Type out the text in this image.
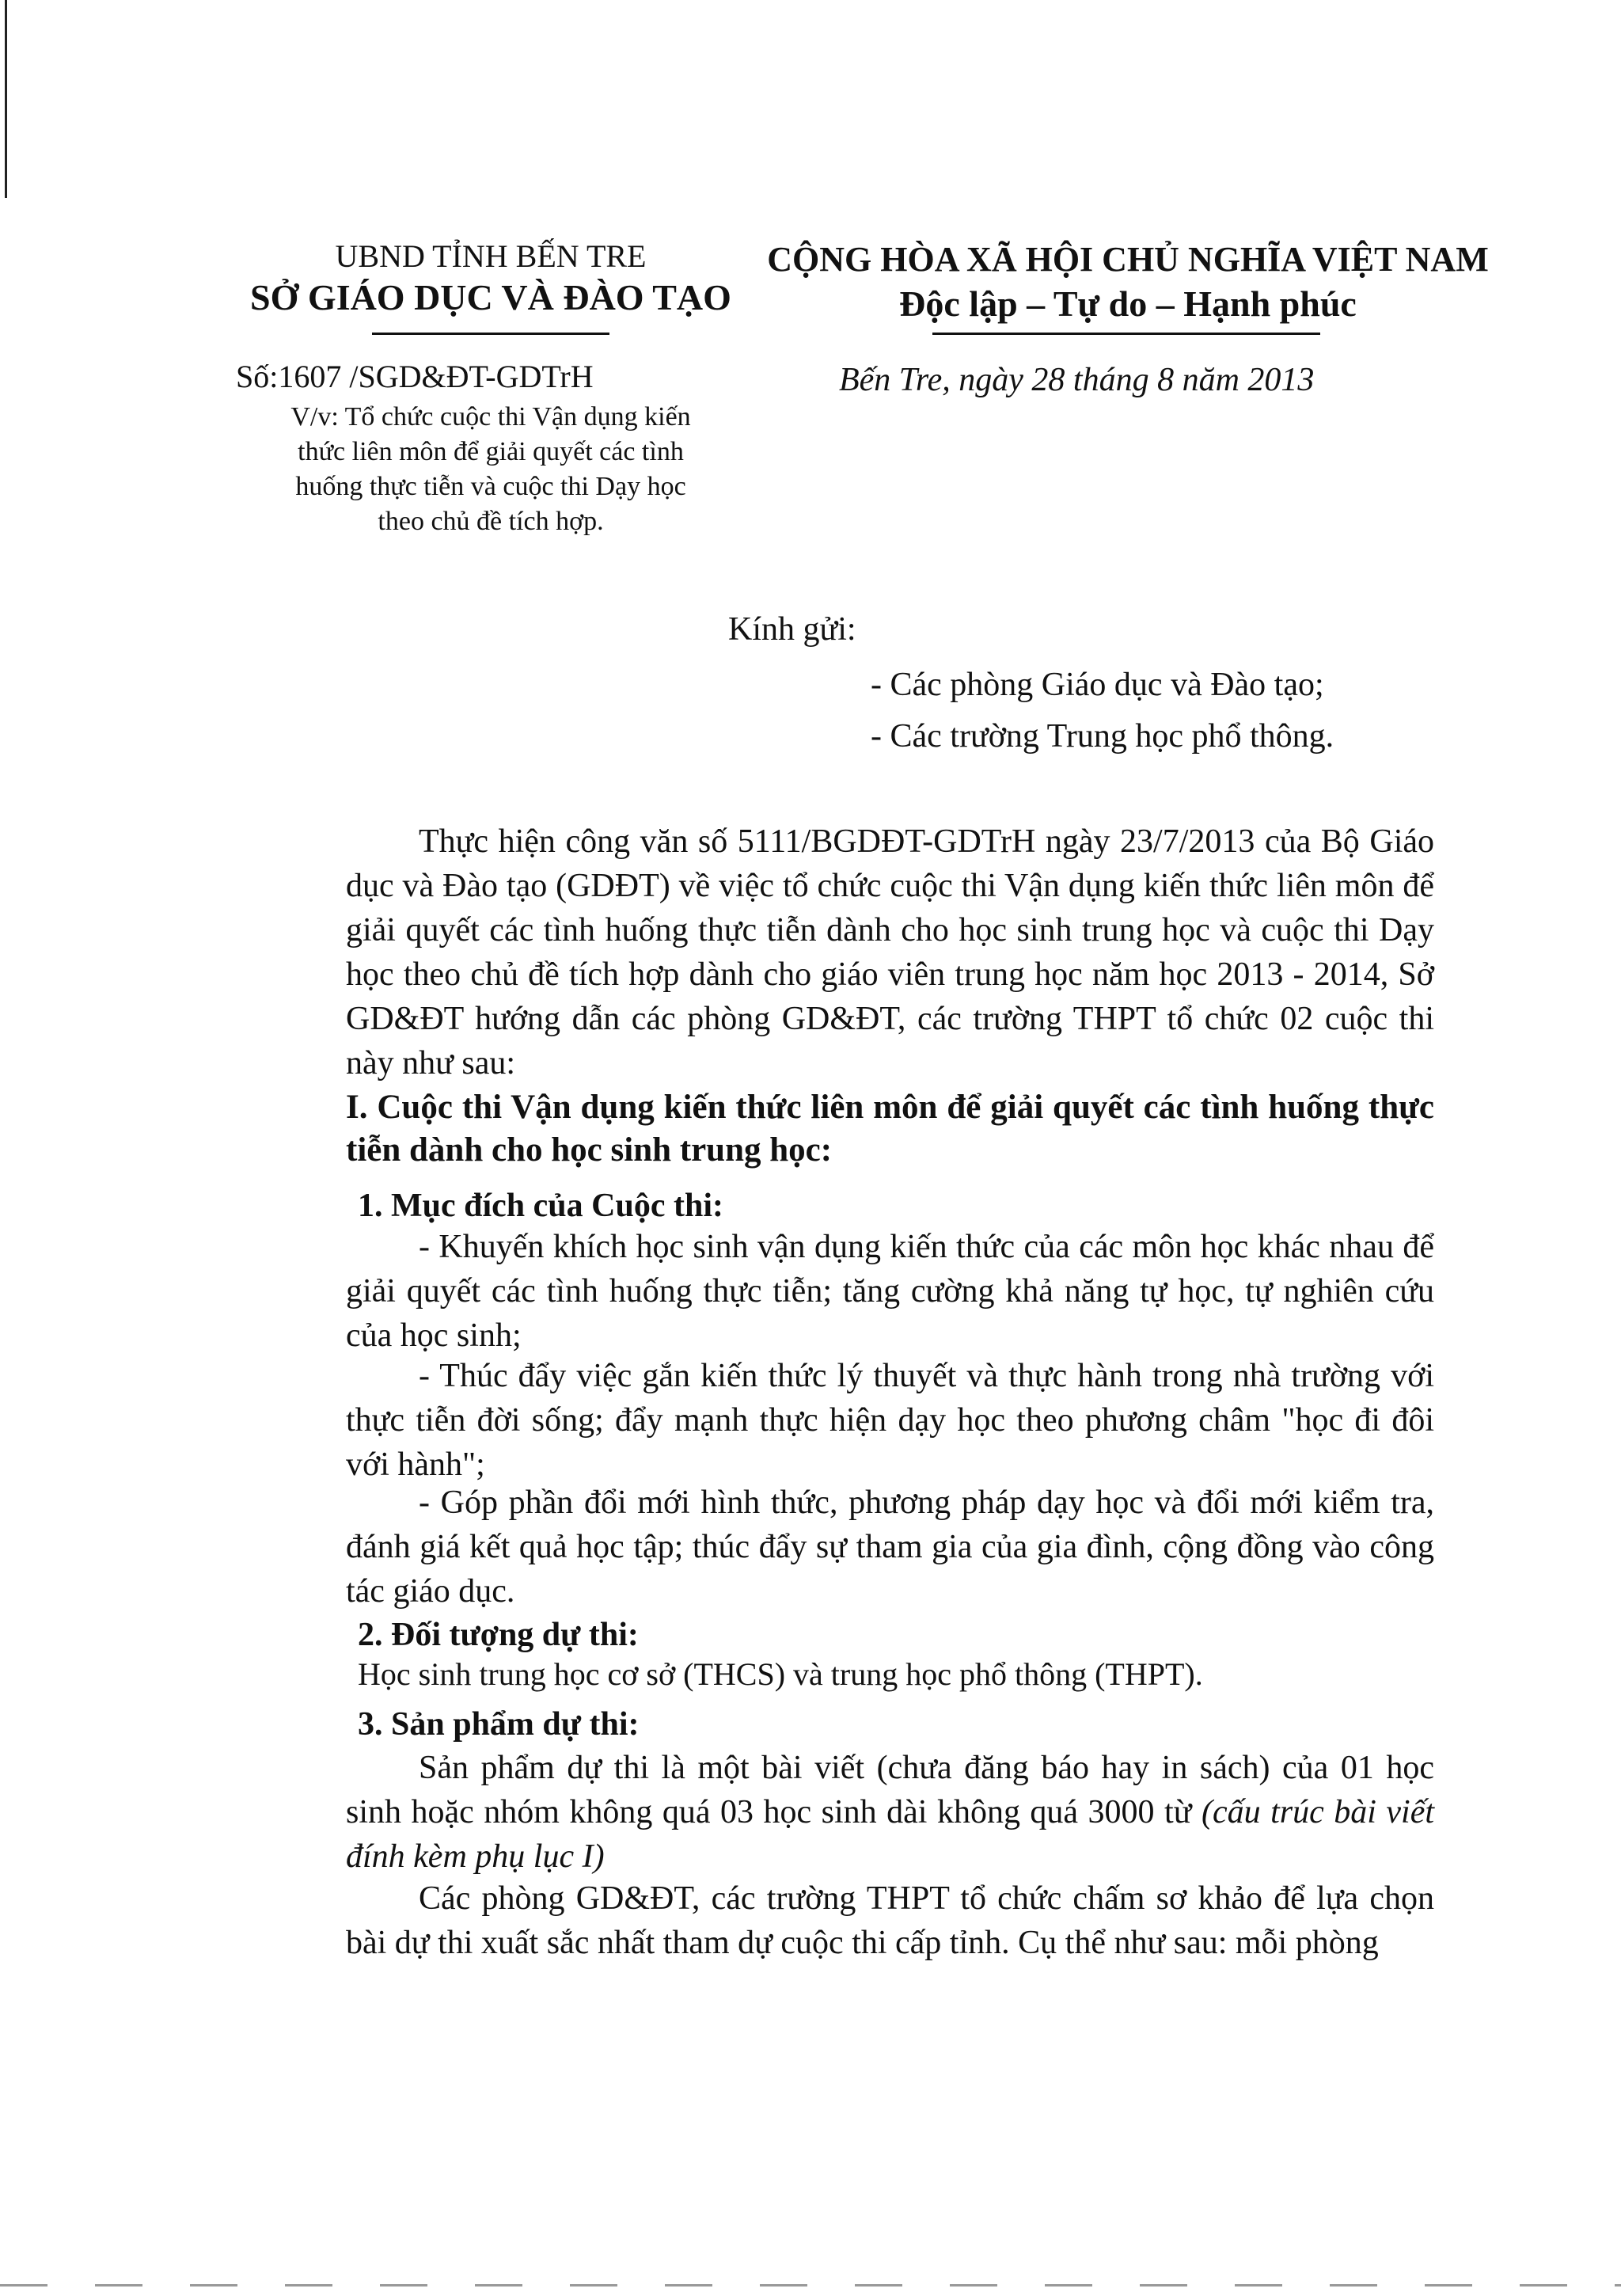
UBND TỈNH BẾN TRE
SỞ GIÁO DỤC VÀ ĐÀO TẠO
CỘNG HÒA XÃ HỘI CHỦ NGHĨA VIỆT NAM
Độc lập – Tự do – Hạnh phúc
Số:1607 /SGD&ĐT-GDTrH
V/v: Tổ chức cuộc thi Vận dụng kiến
thức liên môn để giải quyết các tình
huống thực tiễn và cuộc thi Dạy học
theo chủ đề tích hợp.
Bến Tre, ngày 28 tháng 8 năm 2013
Kính gửi:
- Các phòng Giáo dục và Đào tạo;
- Các trường Trung học phổ thông.
Thực hiện công văn số 5111/BGDĐT-GDTrH ngày 23/7/2013 của Bộ Giáo dục và Đào tạo (GDĐT) về việc tổ chức cuộc thi Vận dụng kiến thức liên môn để giải quyết các tình huống thực tiễn dành cho học sinh trung học và cuộc thi Dạy học theo chủ đề tích hợp dành cho giáo viên trung học năm học 2013 - 2014, Sở GD&ĐT hướng dẫn các phòng GD&ĐT, các trường THPT tổ chức 02 cuộc thi này như sau:
I. Cuộc thi Vận dụng kiến thức liên môn để giải quyết các tình huống thực tiễn dành cho học sinh trung học:
1. Mục đích của Cuộc thi:
- Khuyến khích học sinh vận dụng kiến thức của các môn học khác nhau để giải quyết các tình huống thực tiễn; tăng cường khả năng tự học, tự nghiên cứu của học sinh;
- Thúc đẩy việc gắn kiến thức lý thuyết và thực hành trong nhà trường với thực tiễn đời sống; đẩy mạnh thực hiện dạy học theo phương châm "học đi đôi với hành";
- Góp phần đổi mới hình thức, phương pháp dạy học và đổi mới kiểm tra, đánh giá kết quả học tập; thúc đẩy sự tham gia của gia đình, cộng đồng vào công tác giáo dục.
2. Đối tượng dự thi:
Học sinh trung học cơ sở (THCS) và trung học phổ thông (THPT).
3. Sản phẩm dự thi:
Sản phẩm dự thi là một bài viết (chưa đăng báo hay in sách) của 01 học sinh hoặc nhóm không quá 03 học sinh dài không quá 3000 từ (cấu trúc bài viết đính kèm phụ lục I)
Các phòng GD&ĐT, các trường THPT tổ chức chấm sơ khảo để lựa chọn bài dự thi xuất sắc nhất tham dự cuộc thi cấp tỉnh. Cụ thể như sau: mỗi phòng
